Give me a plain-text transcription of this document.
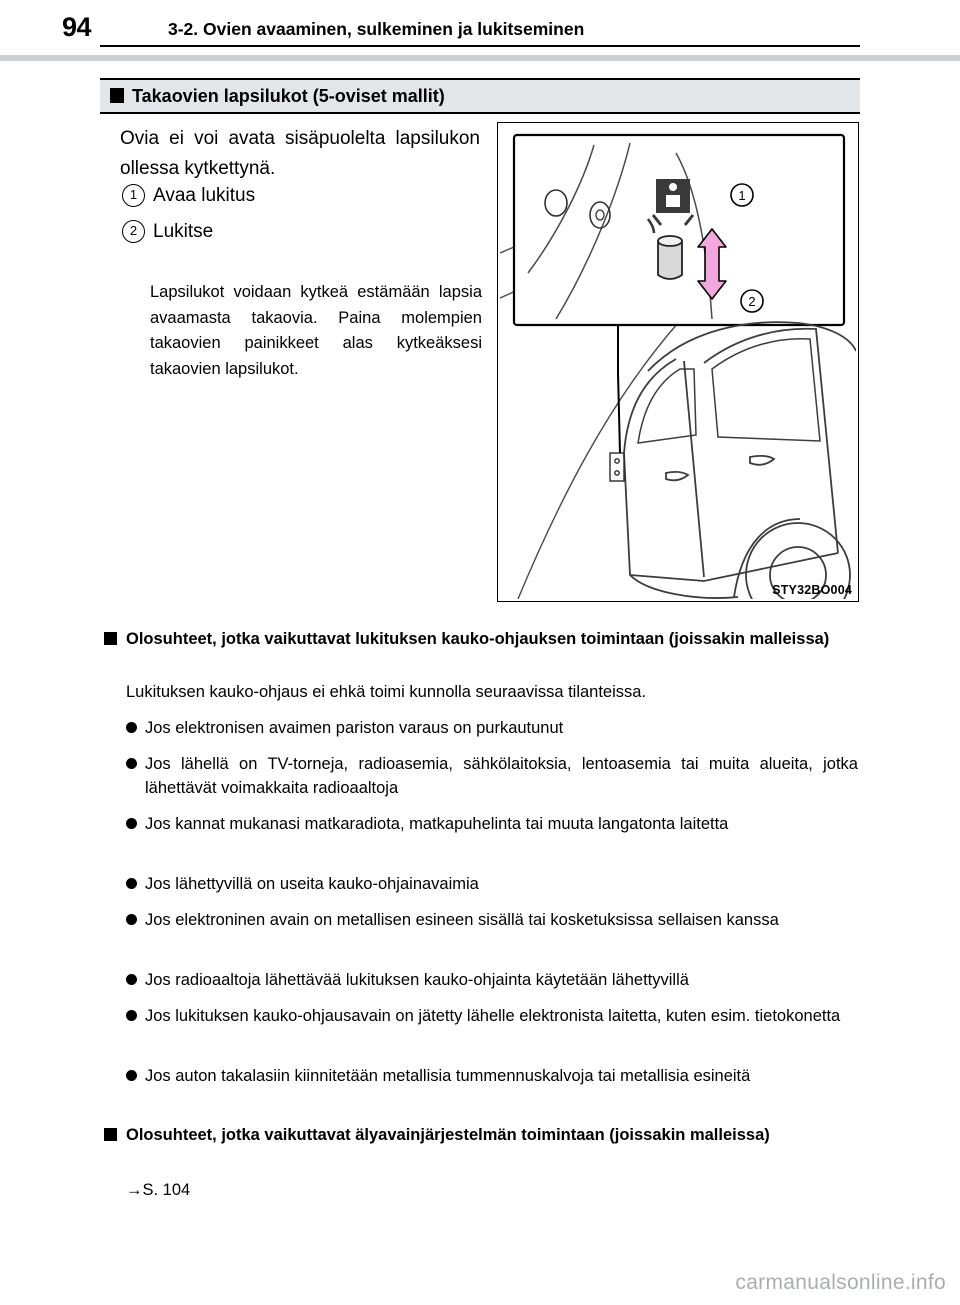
94	3-2. Ovien avaaminen, sulkeminen ja lukitseminen
Takaovien lapsilukot (5-oviset mallit)
Ovia ei voi avata sisäpuolelta lapsilukon ollessa kytkettynä.
1 Avaa lukitus
2 Lukitse
Lapsilukot voidaan kytkeä estämään lapsia avaamasta takaovia. Paina molempien takaovien painikkeet alas kytkeäksesi takaovien lapsilukot.
1
2
STY32BO004
Olosuhteet, jotka vaikuttavat lukituksen kauko-ohjauksen toimintaan (joissakin malleissa)
Lukituksen kauko-ohjaus ei ehkä toimi kunnolla seuraavissa tilanteissa.
Jos elektronisen avaimen pariston varaus on purkautunut
Jos lähellä on TV-torneja, radioasemia, sähkölaitoksia, lentoasemia tai muita alueita, jotka lähettävät voimakkaita radioaaltoja
Jos kannat mukanasi matkaradiota, matkapuhelinta tai muuta langatonta laitetta
Jos lähettyvillä on useita kauko-ohjainavaimia
Jos elektroninen avain on metallisen esineen sisällä tai kosketuksissa sellaisen kanssa
Jos radioaaltoja lähettävää lukituksen kauko-ohjainta käytetään lähettyvillä
Jos lukituksen kauko-ohjausavain on jätetty lähelle elektronista laitetta, kuten esim. tietokonetta
Jos auton takalasiin kiinnitetään metallisia tummennuskalvoja tai metallisia esineitä
Olosuhteet, jotka vaikuttavat älyavainjärjestelmän toimintaan (joissakin malleissa)
→S. 104
carmanualsonline.info
